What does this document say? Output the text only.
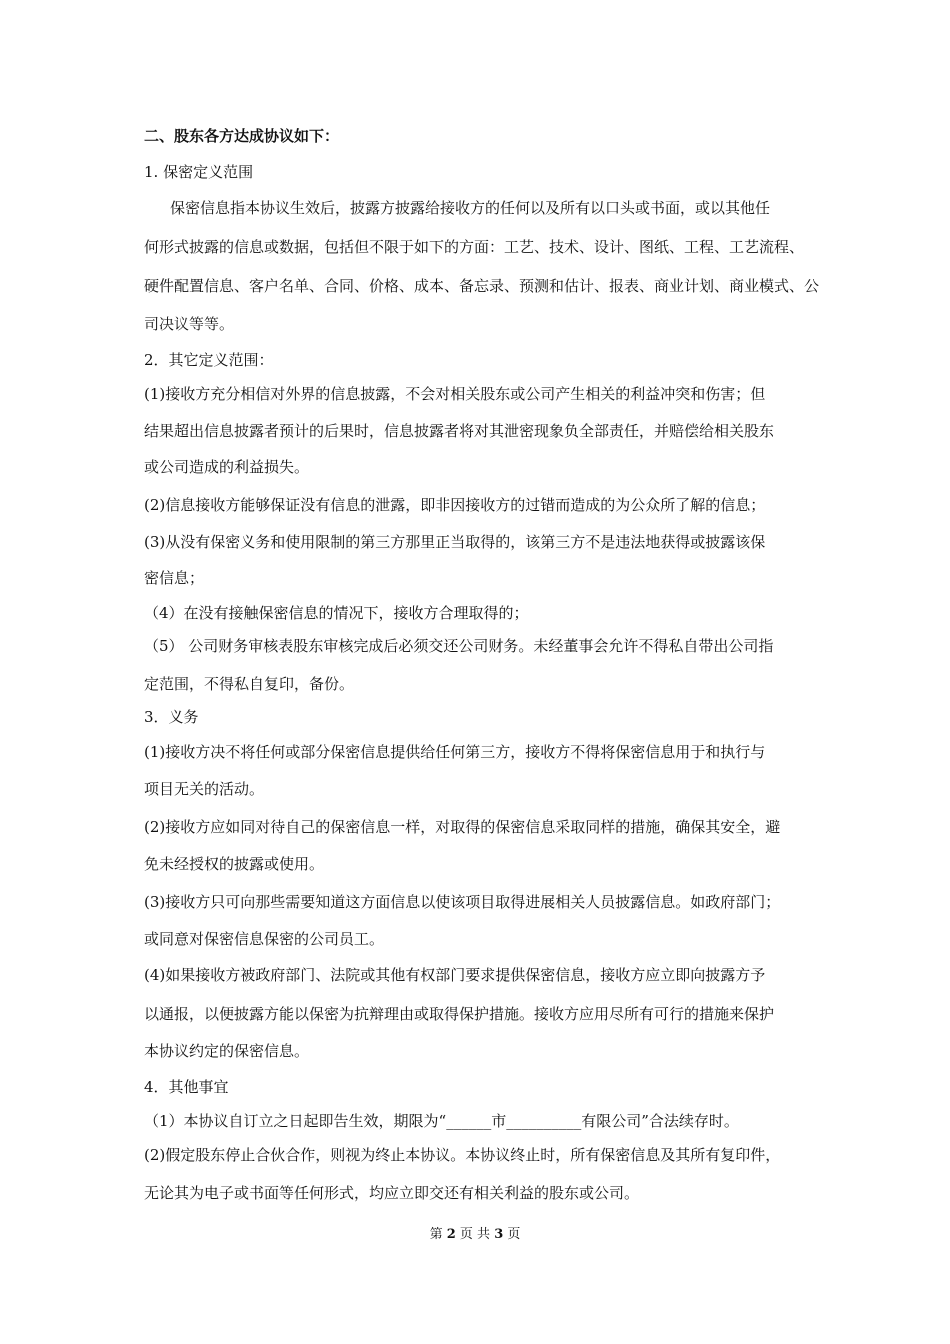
二、股东各方达成协议如下：
1. 保密定义范围
保密信息指本协议生效后，披露方披露给接收方的任何以及所有以口头或书面，或以其他任
何形式披露的信息或数据，包括但不限于如下的方面：工艺、技术、设计、图纸、工程、工艺流程、
硬件配置信息、客户名单、合同、价格、成本、备忘录、预测和估计、报表、商业计划、商业模式、公
司决议等等。
2．其它定义范围：
(1)接收方充分相信对外界的信息披露，不会对相关股东或公司产生相关的利益冲突和伤害；但
结果超出信息披露者预计的后果时，信息披露者将对其泄密现象负全部责任，并赔偿给相关股东
或公司造成的利益损失。
(2)信息接收方能够保证没有信息的泄露，即非因接收方的过错而造成的为公众所了解的信息；
(3)从没有保密义务和使用限制的第三方那里正当取得的，该第三方不是违法地获得或披露该保
密信息；
（4）在没有接触保密信息的情况下，接收方合理取得的；
（5） 公司财务审核表股东审核完成后必须交还公司财务。未经董事会允许不得私自带出公司指
定范围，不得私自复印，备份。
3．义务
(1)接收方决不将任何或部分保密信息提供给任何第三方，接收方不得将保密信息用于和执行与
项目无关的活动。
(2)接收方应如同对待自己的保密信息一样，对取得的保密信息采取同样的措施，确保其安全，避
免未经授权的披露或使用。
(3)接收方只可向那些需要知道这方面信息以使该项目取得进展相关人员披露信息。如政府部门；
或同意对保密信息保密的公司员工。
(4)如果接收方被政府部门、法院或其他有权部门要求提供保密信息，接收方应立即向披露方予
以通报，以便披露方能以保密为抗辩理由或取得保护措施。接收方应用尽所有可行的措施来保护
本协议约定的保密信息。
4．其他事宜
（1）本协议自订立之日起即告生效，期限为“______市__________有限公司”合法续存时。
(2)假定股东停止合伙合作，则视为终止本协议。本协议终止时，所有保密信息及其所有复印件，
无论其为电子或书面等任何形式，均应立即交还有相关利益的股东或公司。
第 2 页 共 3 页
